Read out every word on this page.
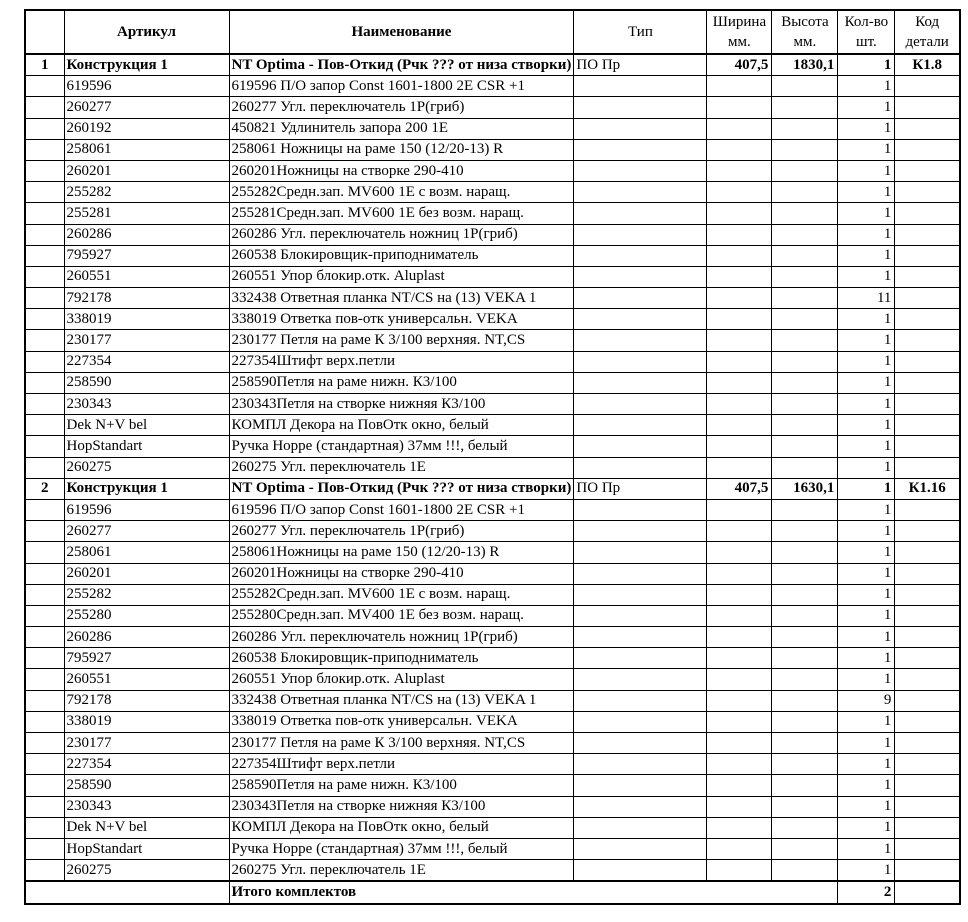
	Артикул	Наименование	Тип	Ширина мм.	Высота мм.	Кол-во шт.	Код детали
1	Конструкция 1	NT Optima - Пов-Откид (Рчк ??? от низа створки)	ПО Пр	407,5	1830,1	1	К1.8
	619596	619596 П/О запор Const 1601-1800 2E CSR +1				1	
	260277	260277 Угл. переключатель 1Р(гриб)				1	
	260192	450821 Удлинитель запора 200 1Е				1	
	258061	258061 Ножницы на раме 150 (12/20-13) R				1	
	260201	260201Ножницы на створке 290-410				1	
	255282	255282Средн.зап. MV600 1Е с возм. наращ.				1	
	255281	255281Средн.зап. MV600 1Е без возм. наращ.				1	
	260286	260286 Угл. переключатель ножниц 1Р(гриб)				1	
	795927	260538 Блокировщик-приподниматель				1	
	260551	260551 Упор блокир.отк. Aluplast				1	
	792178	332438 Ответная планка NT/CS на (13) VEKA 1				11	
	338019	338019 Ответка пов-отк универсальн. VEKA				1	
	230177	230177 Петля на раме К 3/100 верхняя. NT,CS				1	
	227354	227354Штифт верх.петли				1	
	258590	258590Петля на раме нижн. К3/100				1	
	230343	230343Петля на створке нижняя К3/100				1	
	Dek N+V bel	КОМПЛ Декора на ПовОтк окно, белый				1	
	HopStandart	Ручка Hoppe (стандартная) 37мм !!!, белый				1	
	260275	260275 Угл. переключатель 1Е				1	
2	Конструкция 1	NT Optima - Пов-Откид (Рчк ??? от низа створки)	ПО Пр	407,5	1630,1	1	К1.16
	619596	619596 П/О запор Const 1601-1800 2E CSR +1				1	
	260277	260277 Угл. переключатель 1Р(гриб)				1	
	258061	258061Ножницы на раме 150 (12/20-13) R				1	
	260201	260201Ножницы на створке 290-410				1	
	255282	255282Средн.зап. MV600 1Е с возм. наращ.				1	
	255280	255280Средн.зап. MV400 1Е без возм. наращ.				1	
	260286	260286 Угл. переключатель ножниц 1Р(гриб)				1	
	795927	260538 Блокировщик-приподниматель				1	
	260551	260551 Упор блокир.отк. Aluplast				1	
	792178	332438 Ответная планка NT/CS на (13) VEKA 1				9	
	338019	338019 Ответка пов-отк универсальн. VEKA				1	
	230177	230177 Петля на раме К 3/100 верхняя. NT,CS				1	
	227354	227354Штифт верх.петли				1	
	258590	258590Петля на раме нижн. К3/100				1	
	230343	230343Петля на створке нижняя К3/100				1	
	Dek N+V bel	КОМПЛ Декора на ПовОтк окно, белый				1	
	HopStandart	Ручка Hoppe (стандартная) 37мм !!!, белый				1	
	260275	260275 Угл. переключатель 1Е				1	
		Итого комплектов				2	
